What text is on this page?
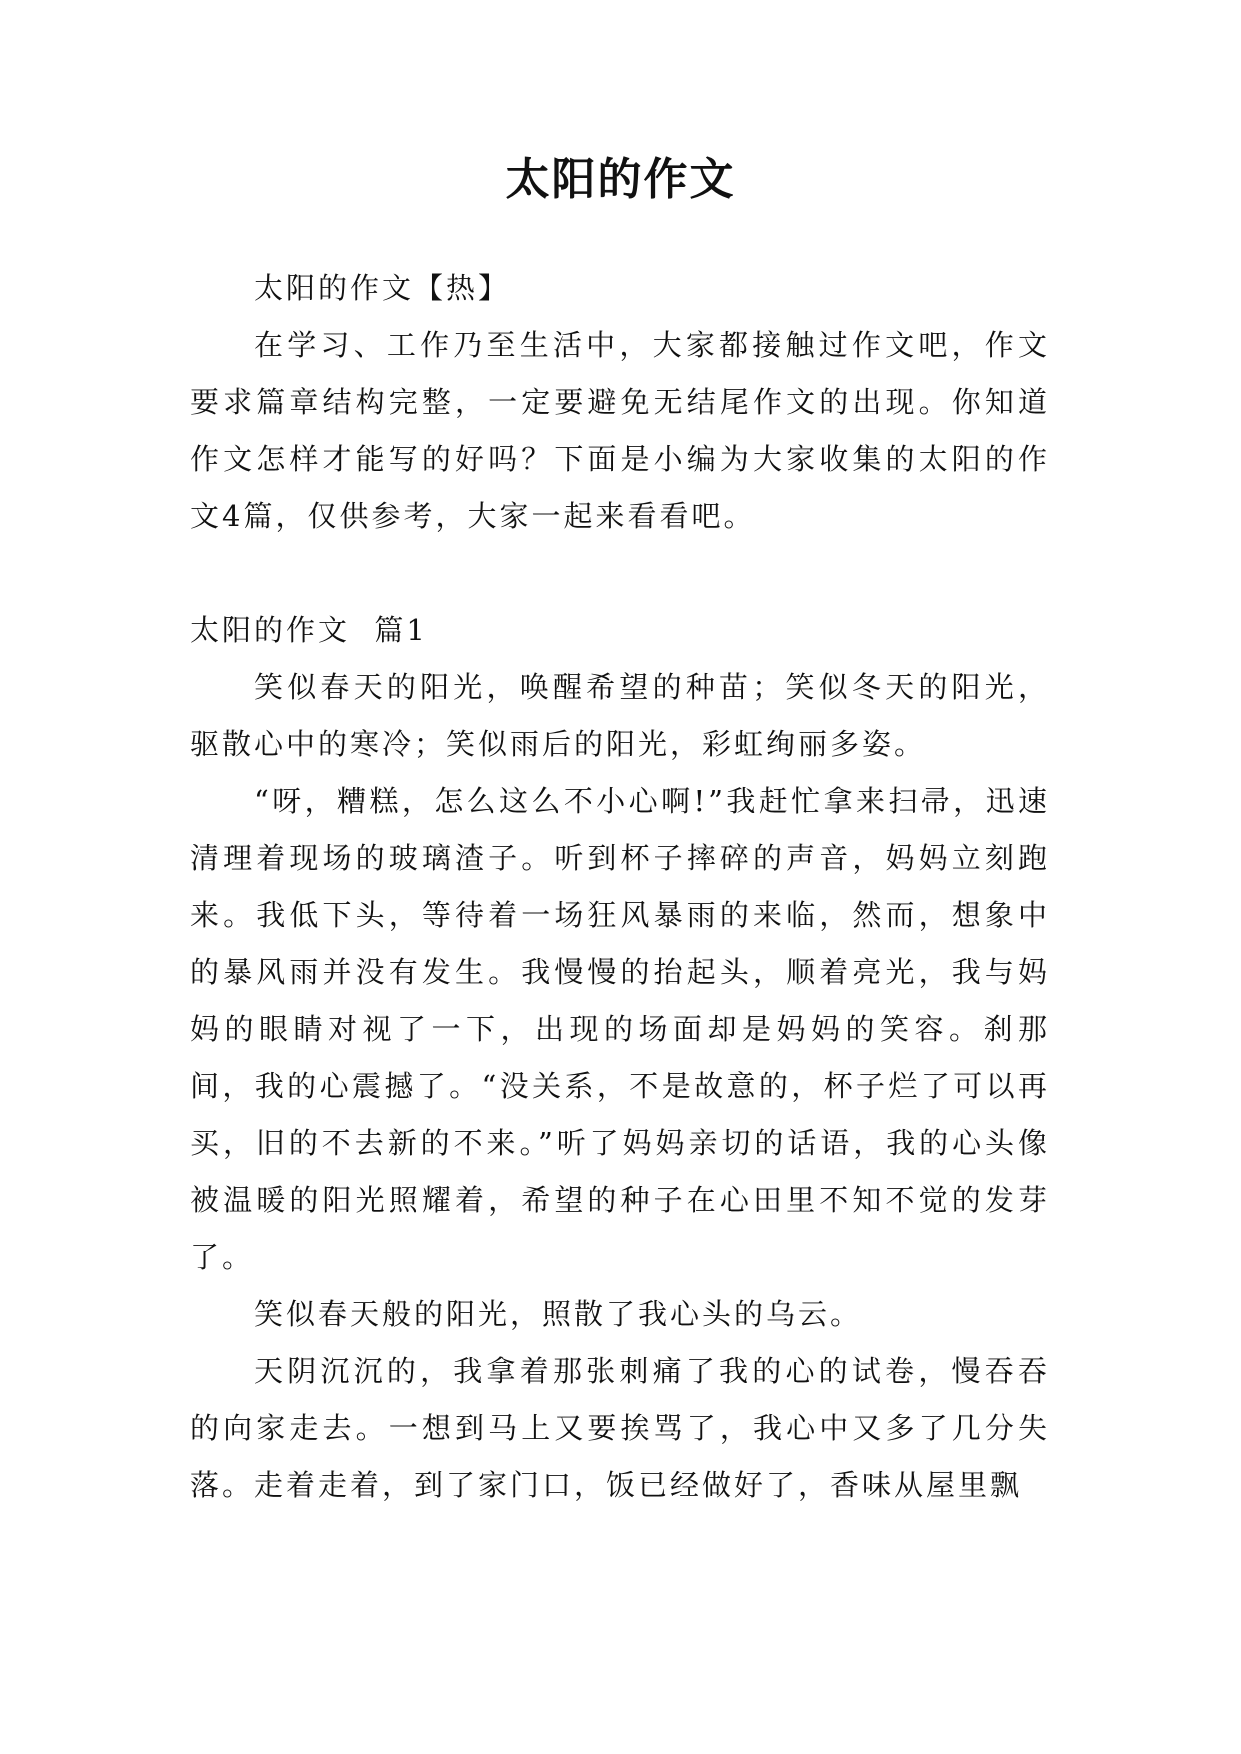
太阳的作文

太阳的作文【热】

在学习、工作乃至生活中，大家都接触过作文吧，作文要求篇章结构完整，一定要避免无结尾作文的出现。你知道作文怎样才能写的好吗？下面是小编为大家收集的太阳的作文4篇，仅供参考，大家一起来看看吧。

太阳的作文  篇1

笑似春天的阳光，唤醒希望的种苗；笑似冬天的阳光，驱散心中的寒冷；笑似雨后的阳光，彩虹绚丽多姿。

“呀，糟糕，怎么这么不小心啊!”我赶忙拿来扫帚，迅速清理着现场的玻璃渣子。听到杯子摔碎的声音，妈妈立刻跑来。我低下头，等待着一场狂风暴雨的来临，然而，想象中的暴风雨并没有发生。我慢慢的抬起头，顺着亮光，我与妈妈的眼睛对视了一下，出现的场面却是妈妈的笑容。刹那间，我的心震撼了。“没关系，不是故意的，杯子烂了可以再买，旧的不去新的不来。”听了妈妈亲切的话语，我的心头像被温暖的阳光照耀着，希望的种子在心田里不知不觉的发芽了。

笑似春天般的阳光，照散了我心头的乌云。

天阴沉沉的，我拿着那张刺痛了我的心的试卷，慢吞吞的向家走去。一想到马上又要挨骂了，我心中又多了几分失落。走着走着，到了家门口，饭已经做好了，香味从屋里飘
